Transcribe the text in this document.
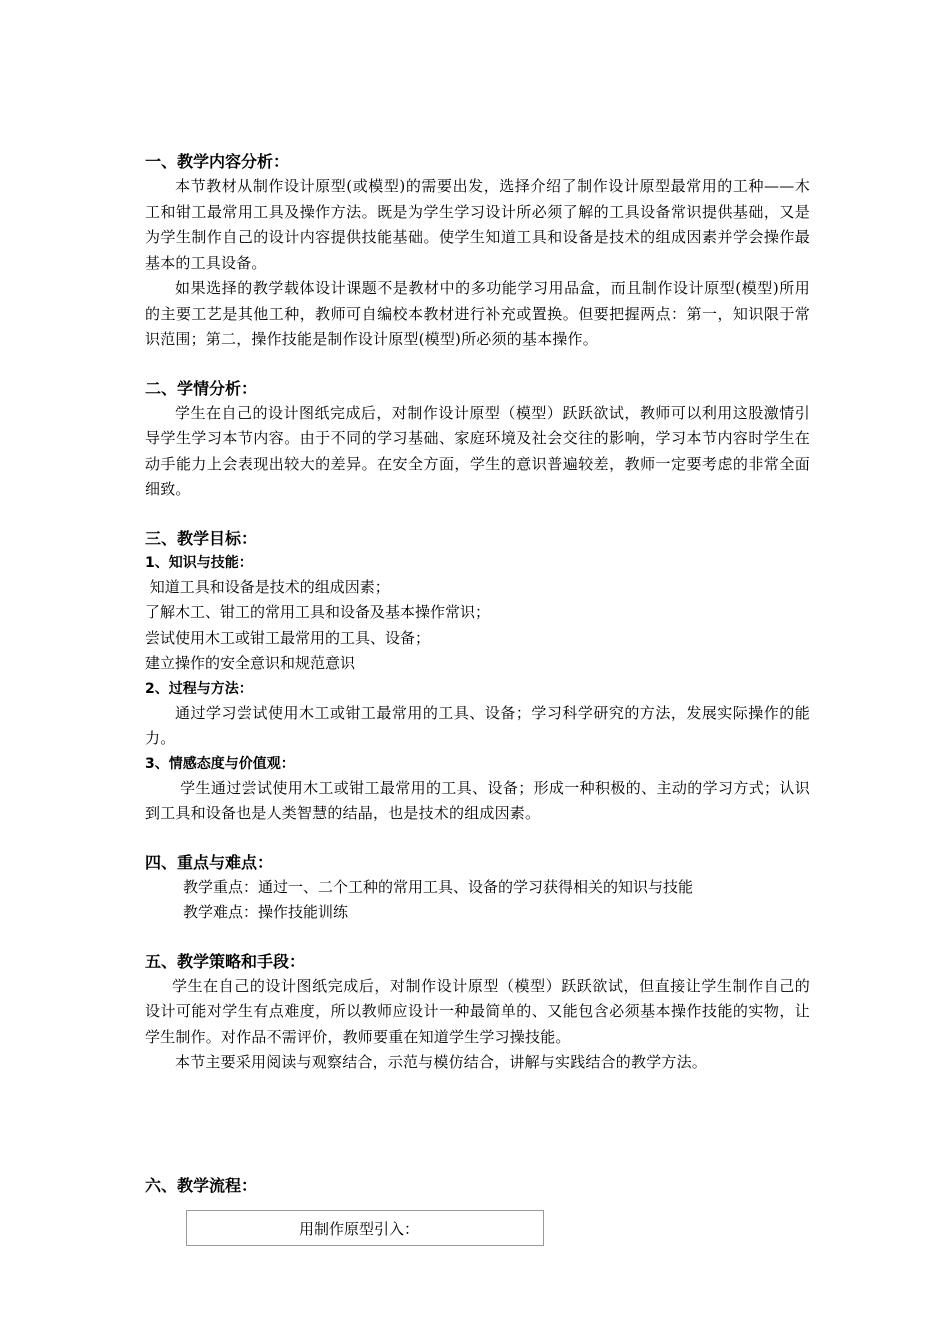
一、教学内容分析：

本节教材从制作设计原型(或模型)的需要出发，选择介绍了制作设计原型最常用的工种——木工和钳工最常用工具及操作方法。既是为学生学习设计所必须了解的工具设备常识提供基础，又是为学生制作自己的设计内容提供技能基础。使学生知道工具和设备是技术的组成因素并学会操作最基本的工具设备。

如果选择的教学载体设计课题不是教材中的多功能学习用品盒，而且制作设计原型(模型)所用的主要工艺是其他工种，教师可自编校本教材进行补充或置换。但要把握两点：第一，知识限于常识范围；第二，操作技能是制作设计原型(模型)所必须的基本操作。

二、学情分析：

学生在自己的设计图纸完成后，对制作设计原型（模型）跃跃欲试，教师可以利用这股激情引导学生学习本节内容。由于不同的学习基础、家庭环境及社会交往的影响，学习本节内容时学生在动手能力上会表现出较大的差异。在安全方面，学生的意识普遍较差，教师一定要考虑的非常全面细致。

三、教学目标：
1、知识与技能：
知道工具和设备是技术的组成因素；
了解木工、钳工的常用工具和设备及基本操作常识；
尝试使用木工或钳工最常用的工具、设备；
建立操作的安全意识和规范意识
2、过程与方法：

通过学习尝试使用木工或钳工最常用的工具、设备；学习科学研究的方法，发展实际操作的能力。

3、情感态度与价值观：

学生通过尝试使用木工或钳工最常用的工具、设备；形成一种积极的、主动的学习方式；认识到工具和设备也是人类智慧的结晶，也是技术的组成因素。

四、重点与难点：
教学重点：通过一、二个工种的常用工具、设备的学习获得相关的知识与技能
教学难点：操作技能训练
五、教学策略和手段：

学生在自己的设计图纸完成后，对制作设计原型（模型）跃跃欲试，但直接让学生制作自己的设计可能对学生有点难度，所以教师应设计一种最简单的、又能包含必须基本操作技能的实物，让学生制作。对作品不需评价，教师要重在知道学生学习操技能。

本节主要采用阅读与观察结合，示范与模仿结合，讲解与实践结合的教学方法。

六、教学流程：
用制作原型引入：
